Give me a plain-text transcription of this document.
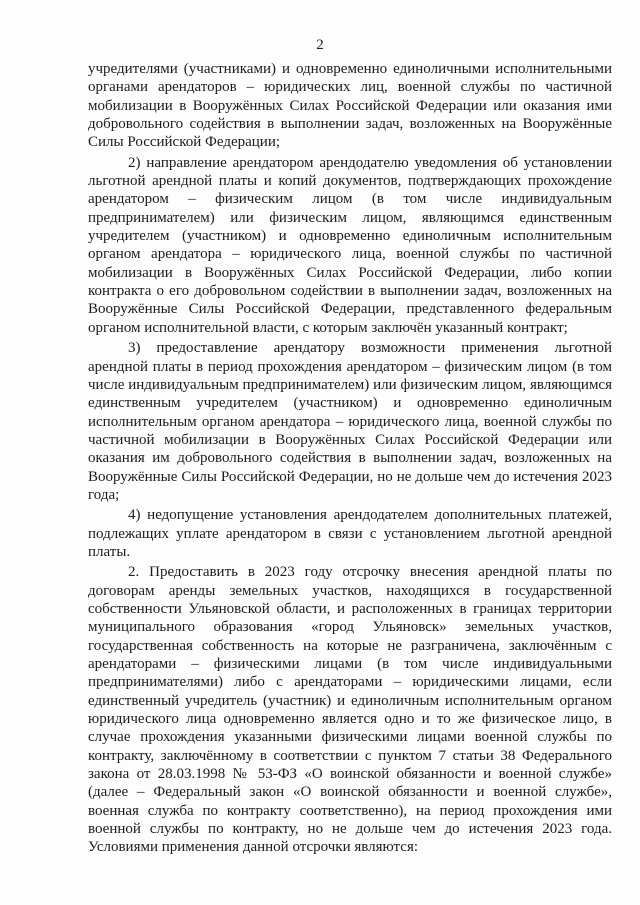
2

учредителями (участниками) и одновременно единоличными исполнительными органами арендаторов – юридических лиц, военной службы по частичной мобилизации в Вооружённых Силах Российской Федерации или оказания ими добровольного содействия в выполнении задач, возложенных на Вооружённые Силы Российской Федерации;

2) направление арендатором арендодателю уведомления об установлении льготной арендной платы и копий документов, подтверждающих прохождение арендатором – физическим лицом (в том числе индивидуальным предпринимателем) или физическим лицом, являющимся единственным учредителем (участником) и одновременно единоличным исполнительным органом арендатора – юридического лица, военной службы по частичной мобилизации в Вооружённых Силах Российской Федерации, либо копии контракта о его добровольном содействии в выполнении задач, возложенных на Вооружённые Силы Российской Федерации, представленного федеральным органом исполнительной власти, с которым заключён указанный контракт;

3) предоставление арендатору возможности применения льготной арендной платы в период прохождения арендатором – физическим лицом (в том числе индивидуальным предпринимателем) или физическим лицом, являющимся единственным учредителем (участником) и одновременно единоличным исполнительным органом арендатора – юридического лица, военной службы по частичной мобилизации в Вооружённых Силах Российской Федерации или оказания им добровольного содействия в выполнении задач, возложенных на Вооружённые Силы Российской Федерации, но не дольше чем до истечения 2023 года;

4) недопущение установления арендодателем дополнительных платежей, подлежащих уплате арендатором в связи с установлением льготной арендной платы.

2. Предоставить в 2023 году отсрочку внесения арендной платы по договорам аренды земельных участков, находящихся в государственной собственности Ульяновской области, и расположенных в границах территории муниципального образования «город Ульяновск» земельных участков, государственная собственность на которые не разграничена, заключённым с арендаторами – физическими лицами (в том числе индивидуальными предпринимателями) либо с арендаторами – юридическими лицами, если единственный учредитель (участник) и единоличным исполнительным органом юридического лица одновременно является одно и то же физическое лицо, в случае прохождения указанными физическими лицами военной службы по контракту, заключённому в соответствии с пунктом 7 статьи 38 Федерального закона от 28.03.1998 № 53-ФЗ «О воинской обязанности и военной службе» (далее – Федеральный закон «О воинской обязанности и военной службе», военная служба по контракту соответственно), на период прохождения ими военной службы по контракту, но не дольше чем до истечения 2023 года. Условиями применения данной отсрочки являются:
